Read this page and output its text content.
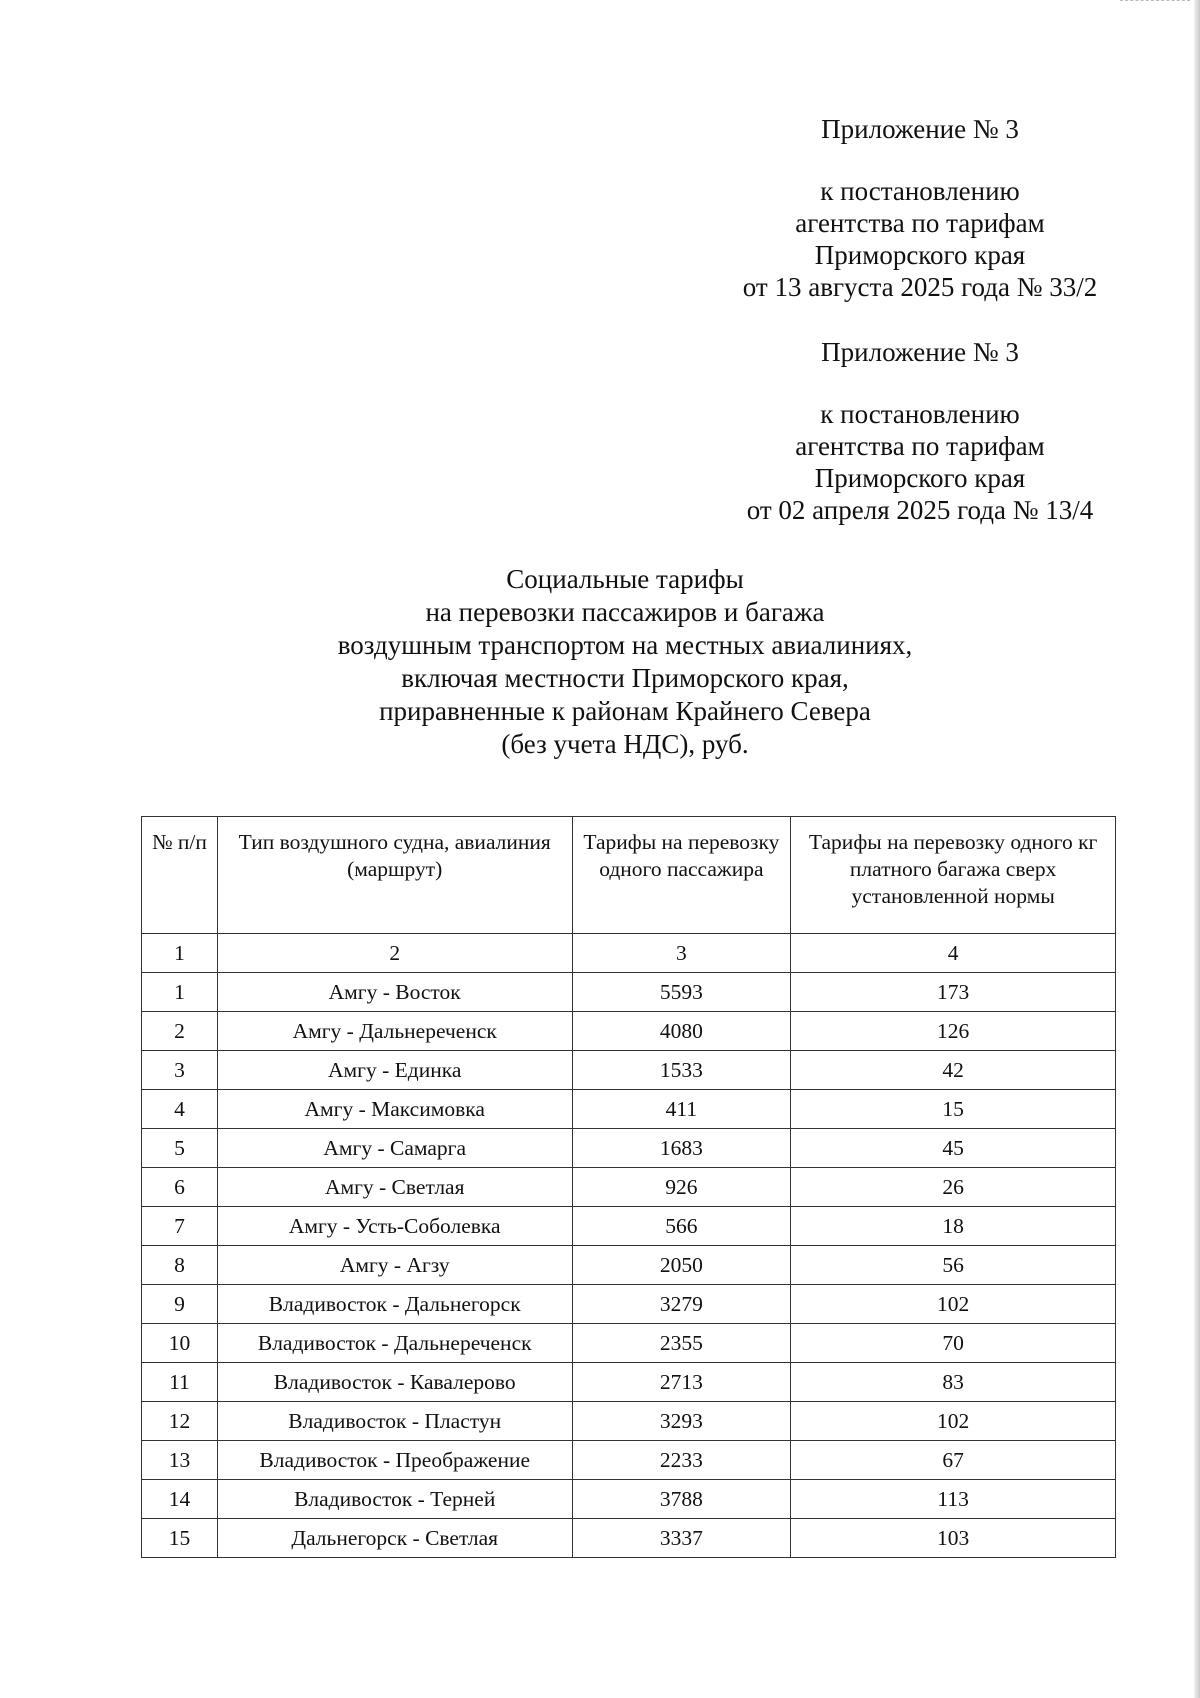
Приложение № 3
к постановлению
агентства по тарифам
Приморского края
от 13 августа 2025 года № 33/2
Приложение № 3
к постановлению
агентства по тарифам
Приморского края
от 02 апреля 2025 года № 13/4
Социальные тарифы
на перевозки пассажиров и багажа
воздушным транспортом на местных авиалиниях,
включая местности Приморского края,
приравненные к районам Крайнего Севера
(без учета НДС), руб.
№ п/п	Тип воздушного судна, авиалиния (маршрут)	Тарифы на перевозку одного пассажира	Тарифы на перевозку одного кг платного багажа сверх установленной нормы
1	2	3	4
1	Амгу - Восток	5593	173
2	Амгу - Дальнереченск	4080	126
3	Амгу - Единка	1533	42
4	Амгу - Максимовка	411	15
5	Амгу - Самарга	1683	45
6	Амгу - Светлая	926	26
7	Амгу - Усть-Соболевка	566	18
8	Амгу - Агзу	2050	56
9	Владивосток - Дальнегорск	3279	102
10	Владивосток - Дальнереченск	2355	70
11	Владивосток - Кавалерово	2713	83
12	Владивосток - Пластун	3293	102
13	Владивосток - Преображение	2233	67
14	Владивосток - Терней	3788	113
15	Дальнегорск - Светлая	3337	103
